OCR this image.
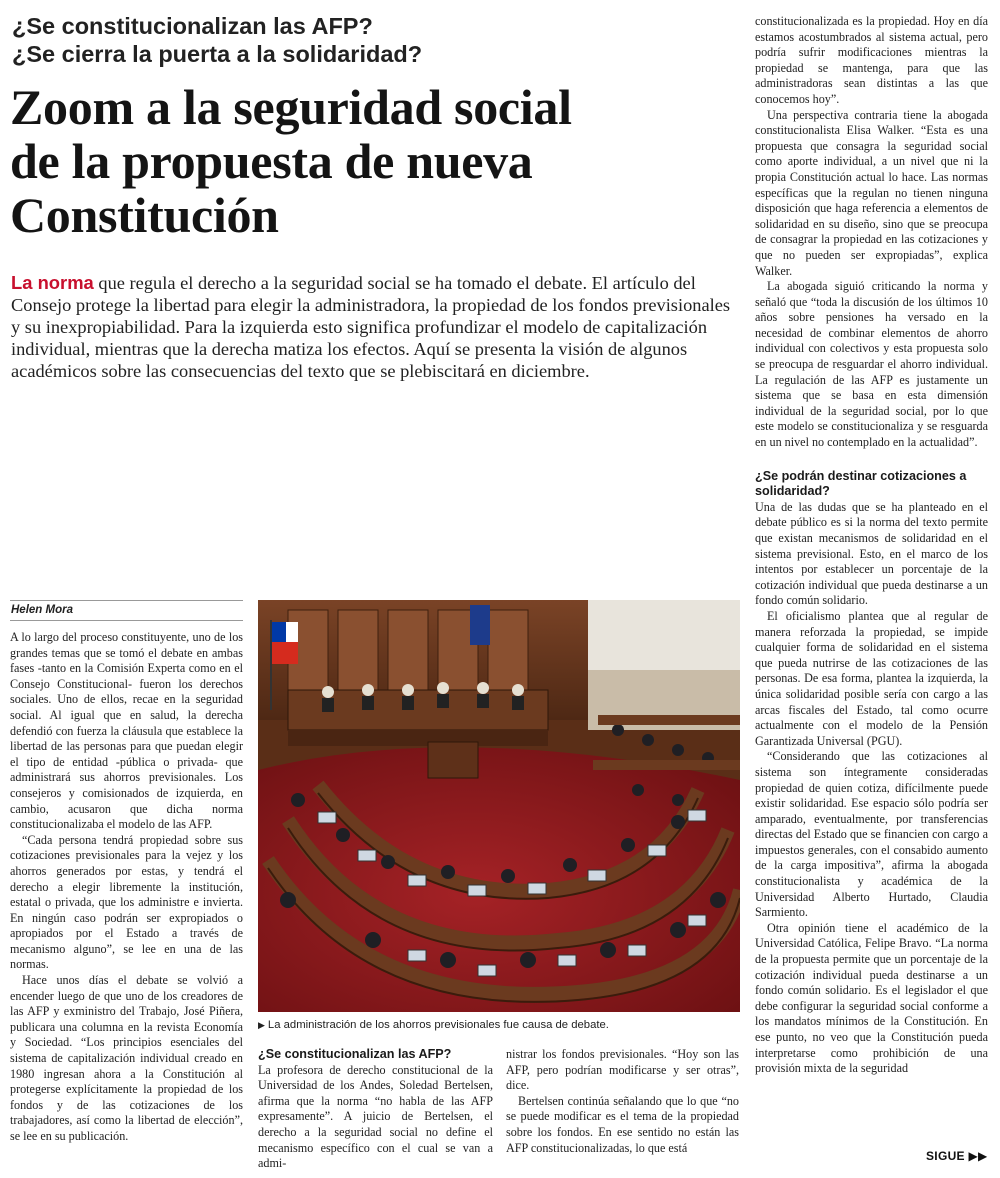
¿Se constitucionalizan las AFP?
¿Se cierra la puerta a la solidaridad?
Zoom a la seguridad social
de la propuesta de nueva
Constitución
La norma que regula el derecho a la seguridad social se ha tomado el debate. El artículo del Consejo protege la libertad para elegir la administradora, la propiedad de los fondos previsionales y su inexpropiabilidad. Para la izquierda esto significa profundizar el modelo de capitalización individual, mientras que la derecha matiza los efectos. Aquí se presenta la visión de algunos académicos sobre las consecuencias del texto que se plebiscitará en diciembre.
Helen Mora

A lo largo del proceso constituyente, uno de los grandes temas que se tomó el debate en ambas fases -tanto en la Comisión Experta como en el Consejo Constitucional- fueron los derechos sociales. Uno de ellos, recae en la seguridad social. Al igual que en salud, la derecha defendió con fuerza la cláusula que establece la libertad de las personas para que puedan elegir el tipo de entidad -pública o privada- que administrará sus ahorros previsionales. Los consejeros y comisionados de izquierda, en cambio, acusaron que dicha norma constitucionalizaba el modelo de las AFP.

“Cada persona tendrá propiedad sobre sus cotizaciones previsionales para la vejez y los ahorros generados por estas, y tendrá el derecho a elegir libremente la institución, estatal o privada, que los administre e invierta. En ningún caso podrán ser expropiados o apropiados por el Estado a través de mecanismo alguno”, se lee en una de las normas.

Hace unos días el debate se volvió a encender luego de que uno de los creadores de las AFP y exministro del Trabajo, José Piñera, publicara una columna en la revista Economía y Sociedad. “Los principios esenciales del sistema de capitalización individual creado en 1980 ingresan ahora a la Constitución al protegerse explícitamente la propiedad de los fondos y de las cotizaciones de los trabajadores, así como la libertad de elección”, se lee en su publicación.

▶ La administración de los ahorros previsionales fue causa de debate.
¿Se constitucionalizan las AFP?

La profesora de derecho constitucional de la Universidad de los Andes, Soledad Bertelsen, afirma que la norma “no habla de las AFP expresamente”. A juicio de Bertelsen, el derecho a la seguridad social no define el mecanismo específico con el cual se van a admi-

nistrar los fondos previsionales. “Hoy son las AFP, pero podrían modificarse y ser otras”, dice.

Bertelsen continúa señalando que lo que “no se puede modificar es el tema de la propiedad sobre los fondos. En ese sentido no están las AFP constitucionalizadas, lo que está

constitucionalizada es la propiedad. Hoy en día estamos acostumbrados al sistema actual, pero podría sufrir modificaciones mientras la propiedad se mantenga, para que las administradoras sean distintas a las que conocemos hoy”.

Una perspectiva contraria tiene la abogada constitucionalista Elisa Walker. “Esta es una propuesta que consagra la seguridad social como aporte individual, a un nivel que ni la propia Constitución actual lo hace. Las normas específicas que la regulan no tienen ninguna disposición que haga referencia a elementos de solidaridad en su diseño, sino que se preocupa de consagrar la propiedad en las cotizaciones y que no pueden ser expropiadas”, explica Walker.

La abogada siguió criticando la norma y señaló que “toda la discusión de los últimos 10 años sobre pensiones ha versado en la necesidad de combinar elementos de ahorro individual con colectivos y esta propuesta solo se preocupa de resguardar el ahorro individual. La regulación de las AFP es justamente un sistema que se basa en esta dimensión individual de la seguridad social, por lo que este modelo se constitucionaliza y se resguarda en un nivel no contemplado en la actualidad”.

¿Se podrán destinar cotizaciones a solidaridad?

Una de las dudas que se ha planteado en el debate público es si la norma del texto permite que existan mecanismos de solidaridad en el sistema previsional. Esto, en el marco de los intentos por establecer un porcentaje de la cotización individual que pueda destinarse a un fondo común solidario.

El oficialismo plantea que al regular de manera reforzada la propiedad, se impide cualquier forma de solidaridad en el sistema que pueda nutrirse de las cotizaciones de las personas. De esa forma, plantea la izquierda, la única solidaridad posible sería con cargo a las arcas fiscales del Estado, tal como ocurre actualmente con el modelo de la Pensión Garantizada Universal (PGU).

“Considerando que las cotizaciones al sistema son íntegramente consideradas propiedad de quien cotiza, difícilmente puede existir solidaridad. Ese espacio sólo podría ser amparado, eventualmente, por transferencias directas del Estado que se financien con cargo a impuestos generales, con el consabido aumento de la carga impositiva”, afirma la abogada constitucionalista y académica de la Universidad Alberto Hurtado, Claudia Sarmiento.

Otra opinión tiene el académico de la Universidad Católica, Felipe Bravo. “La norma de la propuesta permite que un porcentaje de la cotización individual pueda destinarse a un fondo común solidario. Es el legislador el que debe configurar la seguridad social conforme a los mandatos mínimos de la Constitución. En ese punto, no veo que la Constitución pueda interpretarse como prohibición de una provisión mixta de la seguridad

SIGUE ▶▶
